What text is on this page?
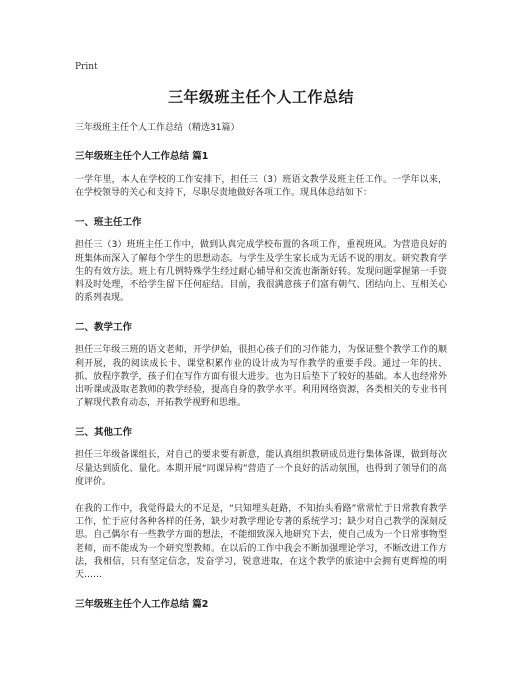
Print
三年级班主任个人工作总结

三年级班主任个人工作总结（精选31篇）

三年级班主任个人工作总结 篇1

一学年里，本人在学校的工作安排下，担任三（3）班语文教学及班主任工作。一学年以来，在学校领导的关心和支持下，尽职尽责地做好各项工作。现具体总结如下：

一、班主任工作

担任三（3）班班主任工作中，做到认真完成学校布置的各项工作，重视班风。为营造良好的班集体而深入了解每个学生的思想动态。与学生及学生家长成为无话不说的朋友。研究教育学生的有效方法。班上有几例特殊学生经过耐心辅导和交流也渐渐好转。发现问题掌握第一手资料及时处理，不给学生留下任何症结。目前，我很满意孩子们富有朝气、团结向上、互相关心的系列表现。

二、教学工作

担任三年级三班的语文老师，开学伊始，很担心孩子们的习作能力，为保证整个教学工作的顺利开展，我的阅读成长卡、课堂积累作业的设计成为写作教学的重要手段。通过一年的扶、抓、放程序教学，孩子们在写作方面有很大进步。也为日后垫下了较好的基础。本人也经常外出听课或汲取老教师的教学经验，提高自身的教学水平。利用网络资源，各类相关的专业书刊了解现代教育动态，开拓教学视野和思维。

三、其他工作

担任三年级备课组长，对自己的要求要有新意，能认真组织教研成员进行集体备课，做到每次尽量达到质化、量化。本期开展“同课异构”营造了一个良好的活动氛围，也得到了领导们的高度评价。

在我的工作中，我觉得最大的不足是，“只知埋头赶路，不知抬头看路”常常忙于日常教育教学工作，忙于应付各种各样的任务，缺少对教学理论专著的系统学习；缺少对自己教学的深刻反思。自己偶尔有一些教学方面的想法，不能细致深入地研究下去，使自己成为一个日常事物型老师，而不能成为一个研究型教师。在以后的工作中我会不断加强理论学习，不断改进工作方法，我相信，只有坚定信念，发奋学习，锐意进取，在这个教学的旅途中会拥有更辉煌的明天……

三年级班主任个人工作总结 篇2
